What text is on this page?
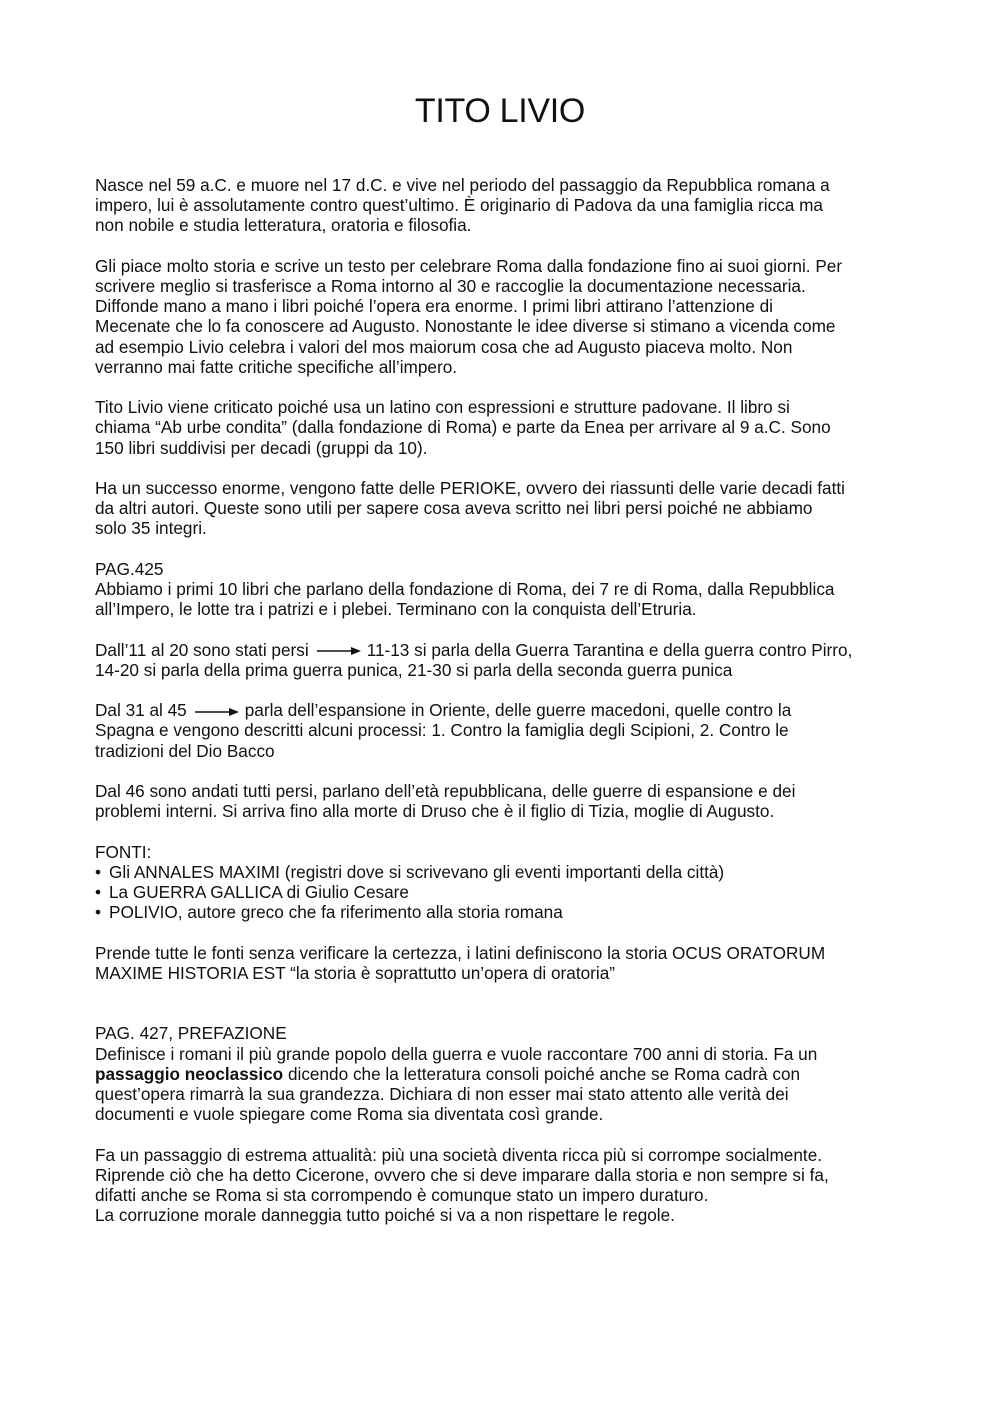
TITO LIVIO
Nasce nel 59 a.C. e muore nel 17 d.C. e vive nel periodo del passaggio da Repubblica romana a
impero, lui è assolutamente contro quest’ultimo. È originario di Padova da una famiglia ricca ma
non nobile e studia letteratura, oratoria e filosofia.
Gli piace molto storia e scrive un testo per celebrare Roma dalla fondazione fino ai suoi giorni. Per
scrivere meglio si trasferisce a Roma intorno al 30 e raccoglie la documentazione necessaria.
Diffonde mano a mano i libri poiché l’opera era enorme. I primi libri attirano l’attenzione di
Mecenate che lo fa conoscere ad Augusto. Nonostante le idee diverse si stimano a vicenda come
ad esempio Livio celebra i valori del mos maiorum cosa che ad Augusto piaceva molto. Non
verranno mai fatte critiche specifiche all’impero.
Tito Livio viene criticato poiché usa un latino con espressioni e strutture padovane. Il libro si
chiama “Ab urbe condita” (dalla fondazione di Roma) e parte da Enea per arrivare al 9 a.C. Sono
150 libri suddivisi per decadi (gruppi da 10).
Ha un successo enorme, vengono fatte delle PERIOKE, ovvero dei riassunti delle varie decadi fatti
da altri autori. Queste sono utili per sapere cosa aveva scritto nei libri persi poiché ne abbiamo
solo 35 integri.
PAG.425
Abbiamo i primi 10 libri che parlano della fondazione di Roma, dei 7 re di Roma, dalla Repubblica
all’Impero, le lotte tra i patrizi e i plebei. Terminano con la conquista dell’Etruria.
Dall’11 al 20 sono stati persi	11-13 si parla della Guerra Tarantina e della guerra contro Pirro,
14-20 si parla della prima guerra punica, 21-30 si parla della seconda guerra punica
Dal 31 al 45	parla dell’espansione in Oriente, delle guerre macedoni, quelle contro la
Spagna e vengono descritti alcuni processi: 1. Contro la famiglia degli Scipioni, 2. Contro le
tradizioni del Dio Bacco
Dal 46 sono andati tutti persi, parlano dell’età repubblicana, delle guerre di espansione e dei
problemi interni. Si arriva fino alla morte di Druso che è il figlio di Tizia, moglie di Augusto.
FONTI:
• Gli ANNALES MAXIMI (registri dove si scrivevano gli eventi importanti della città)
• La GUERRA GALLICA di Giulio Cesare
• POLIVIO, autore greco che fa riferimento alla storia romana
Prende tutte le fonti senza verificare la certezza, i latini definiscono la storia OCUS ORATORUM
MAXIME HISTORIA EST “la storia è soprattutto un’opera di oratoria”
PAG. 427, PREFAZIONE
Definisce i romani il più grande popolo della guerra e vuole raccontare 700 anni di storia. Fa un
passaggio neoclassico dicendo che la letteratura consoli poiché anche se Roma cadrà con
quest’opera rimarrà la sua grandezza. Dichiara di non esser mai stato attento alle verità dei
documenti e vuole spiegare come Roma sia diventata così grande.
Fa un passaggio di estrema attualità: più una società diventa ricca più si corrompe socialmente.
Riprende ciò che ha detto Cicerone, ovvero che si deve imparare dalla storia e non sempre si fa,
difatti anche se Roma si sta corrompendo è comunque stato un impero duraturo.
La corruzione morale danneggia tutto poiché si va a non rispettare le regole.
